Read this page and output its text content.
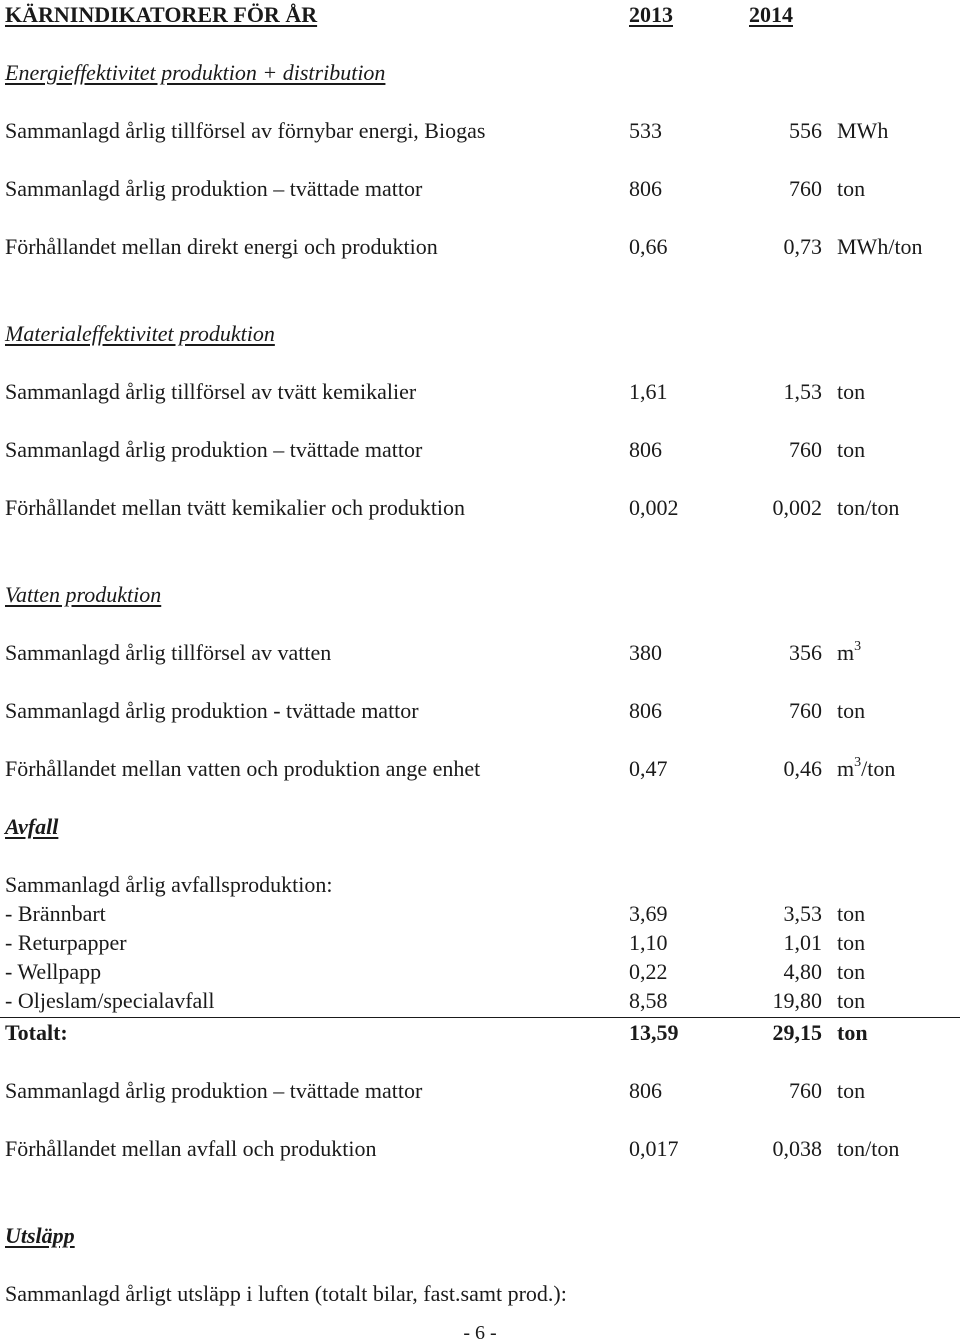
KÄRNINDIKATORER FÖR ÅR	2013	2014
Energieffektivitet produktion + distribution
Sammanlagd årlig tillförsel av förnybar energi, Biogas	533	556 MWh
Sammanlagd årlig produktion – tvättade mattor	806	760 ton
Förhållandet mellan direkt energi och produktion	0,66	0,73 MWh/ton
Materialeffektivitet produktion
Sammanlagd årlig tillförsel av tvätt kemikalier	1,61	1,53 ton
Sammanlagd årlig produktion – tvättade mattor	806	760 ton
Förhållandet mellan tvätt kemikalier och produktion	0,002	0,002 ton/ton
Vatten produktion
Sammanlagd årlig tillförsel av vatten	380	356 $m^3$
Sammanlagd årlig produktion - tvättade mattor	806	760 ton
Förhållandet mellan vatten och produktion ange enhet	0,47	0,46 $m^3$/ton
Avfall
Sammanlagd årlig avfallsproduktion:
- Brännbart	3,69	3,53 ton
- Returpapper	1,10	1,01 ton
- Wellpapp	0,22	4,80 ton
- Oljeslam/specialavfall	8,58	19,80 ton
Totalt:	13,59	29,15 ton
Sammanlagd årlig produktion – tvättade mattor	806	760 ton
Förhållandet mellan avfall och produktion	0,017	0,038 ton/ton
Utsläpp
Sammanlagd årligt utsläpp i luften (totalt bilar, fast.samt prod.):
- 6 -
